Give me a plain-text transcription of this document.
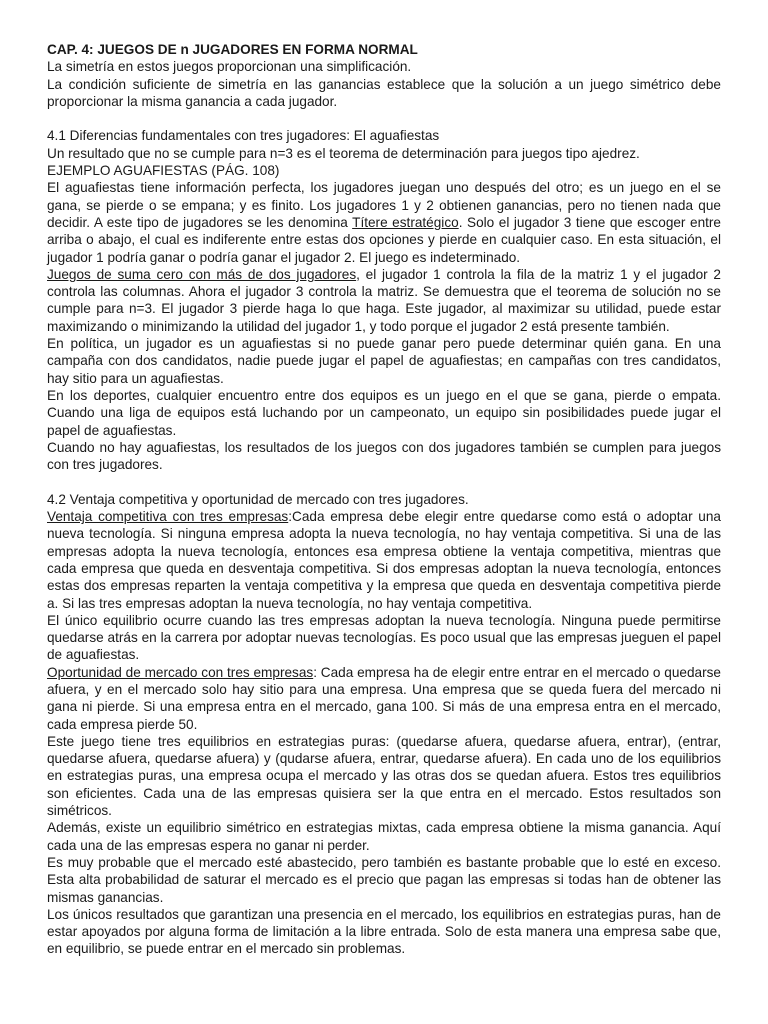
CAP. 4: JUEGOS DE n JUGADORES EN FORMA NORMAL

La simetría en estos juegos proporcionan una simplificación.

La condición suficiente de simetría en las ganancias establece que la solución a un juego simétrico debe proporcionar la misma ganancia a cada jugador.

4.1 Diferencias fundamentales con tres jugadores: El aguafiestas

Un resultado que no se cumple para n=3 es el teorema de determinación para juegos tipo ajedrez.

EJEMPLO AGUAFIESTAS (PÁG. 108)

El aguafiestas tiene información perfecta, los jugadores juegan uno después del otro; es un juego en el se gana, se pierde o se empana; y es finito. Los jugadores 1 y 2 obtienen ganancias, pero no tienen nada que decidir. A este tipo de jugadores se les denomina Títere estratégico. Solo el jugador 3 tiene que escoger entre arriba o abajo, el cual es indiferente entre estas dos opciones y pierde en cualquier caso. En esta situación, el jugador 1 podría ganar o podría ganar el jugador 2. El juego es indeterminado.

Juegos de suma cero con más de dos jugadores, el jugador 1 controla la fila de la matriz 1 y el jugador 2 controla las columnas. Ahora el jugador 3 controla la matriz. Se demuestra que el teorema de solución no se cumple para n=3. El jugador 3 pierde haga lo que haga. Este jugador, al maximizar su utilidad, puede estar maximizando o minimizando la utilidad del jugador 1, y todo porque el jugador 2 está presente también.

En política, un jugador es un aguafiestas si no puede ganar pero puede determinar quién gana. En una campaña con dos candidatos, nadie puede jugar el papel de aguafiestas; en campañas con tres candidatos, hay sitio para un aguafiestas.

En los deportes, cualquier encuentro entre dos equipos es un juego en el que se gana, pierde o empata. Cuando una liga de equipos está luchando por un campeonato, un equipo sin posibilidades puede jugar el papel de aguafiestas.

Cuando no hay aguafiestas, los resultados de los juegos con dos jugadores también se cumplen para juegos con tres jugadores.

4.2 Ventaja competitiva y oportunidad de mercado con tres jugadores.

Ventaja competitiva con tres empresas:Cada empresa debe elegir entre quedarse como está o adoptar una nueva tecnología. Si ninguna empresa adopta la nueva tecnología, no hay ventaja competitiva. Si una de las empresas adopta la nueva tecnología, entonces esa empresa obtiene la ventaja competitiva, mientras que cada empresa que queda en desventaja competitiva. Si dos empresas adoptan la nueva tecnología, entonces estas dos empresas reparten la ventaja competitiva y la empresa que queda en desventaja competitiva pierde a. Si las tres empresas adoptan la nueva tecnología, no hay ventaja competitiva.

El único equilibrio ocurre cuando las tres empresas adoptan la nueva tecnología. Ninguna puede permitirse quedarse atrás en la carrera por adoptar nuevas tecnologías. Es poco usual que las empresas jueguen el papel de aguafiestas.

Oportunidad de mercado con tres empresas: Cada empresa ha de elegir entre entrar en el mercado o quedarse afuera, y en el mercado solo hay sitio para una empresa. Una empresa que se queda fuera del mercado ni gana ni pierde. Si una empresa entra en el mercado, gana 100. Si más de una empresa entra en el mercado, cada empresa pierde 50.

Este juego tiene tres equilibrios en estrategias puras: (quedarse afuera, quedarse afuera, entrar), (entrar, quedarse afuera, quedarse afuera) y (qudarse afuera, entrar, quedarse afuera). En cada uno de los equilibrios en estrategias puras, una empresa ocupa el mercado y las otras dos se quedan afuera. Estos tres equilibrios son eficientes. Cada una de las empresas quisiera ser la que entra en el mercado. Estos resultados son simétricos.

Además, existe un equilibrio simétrico en estrategias mixtas, cada empresa obtiene la misma ganancia. Aquí cada una de las empresas espera no ganar ni perder.

Es muy probable que el mercado esté abastecido, pero también es bastante probable que lo esté en exceso. Esta alta probabilidad de saturar el mercado es el precio que pagan las empresas si todas han de obtener las mismas ganancias.

Los únicos resultados que garantizan una presencia en el mercado, los equilibrios en estrategias puras, han de estar apoyados por alguna forma de limitación a la libre entrada. Solo de esta manera una empresa sabe que, en equilibrio, se puede entrar en el mercado sin problemas.
